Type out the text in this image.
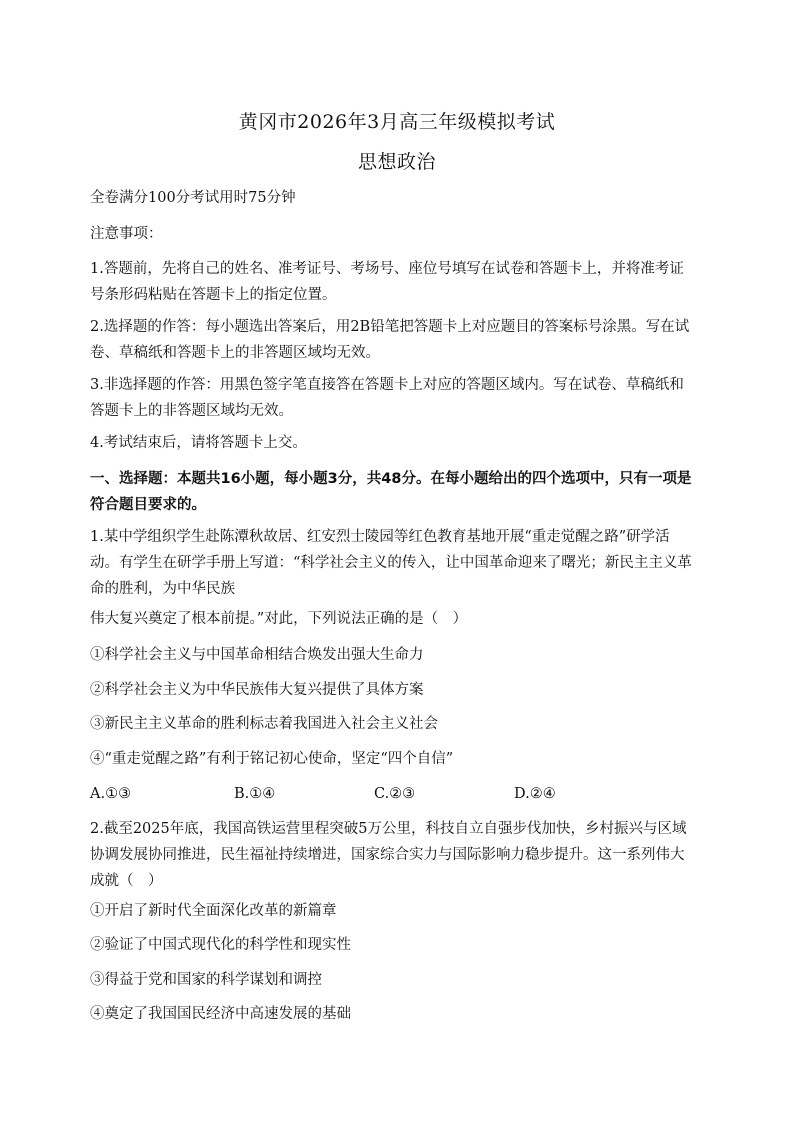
黄冈市2026年3月高三年级模拟考试
思想政治
全卷满分100分考试用时75分钟
注意事项：
1.答题前，先将自己的姓名、准考证号、考场号、座位号填写在试卷和答题卡上，并将准考证号条形码粘贴在答题卡上的指定位置。
2.选择题的作答：每小题选出答案后，用2B铅笔把答题卡上对应题目的答案标号涂黑。写在试卷、草稿纸和答题卡上的非答题区域均无效。
3.非选择题的作答：用黑色签字笔直接答在答题卡上对应的答题区域内。写在试卷、草稿纸和答题卡上的非答题区域均无效。
4.考试结束后，请将答题卡上交。
一、选择题：本题共16小题，每小题3分，共48分。在每小题给出的四个选项中，只有一项是符合题目要求的。
1.某中学组织学生赴陈潭秋故居、红安烈士陵园等红色教育基地开展“重走觉醒之路”研学活动。有学生在研学手册上写道：“科学社会主义的传入，让中国革命迎来了曙光；新民主主义革命的胜利，为中华民族
伟大复兴奠定了根本前提。”对此，下列说法正确的是（　）
①科学社会主义与中国革命相结合焕发出强大生命力
②科学社会主义为中华民族伟大复兴提供了具体方案
③新民主主义革命的胜利标志着我国进入社会主义社会
④“重走觉醒之路”有利于铭记初心使命，坚定“四个自信”
A.①③	B.①④	C.②③	D.②④
2.截至2025年底，我国高铁运营里程突破5万公里，科技自立自强步伐加快，乡村振兴与区域协调发展协同推进，民生福祉持续增进，国家综合实力与国际影响力稳步提升。这一系列伟大成就（　）
①开启了新时代全面深化改革的新篇章
②验证了中国式现代化的科学性和现实性
③得益于党和国家的科学谋划和调控
④奠定了我国国民经济中高速发展的基础
